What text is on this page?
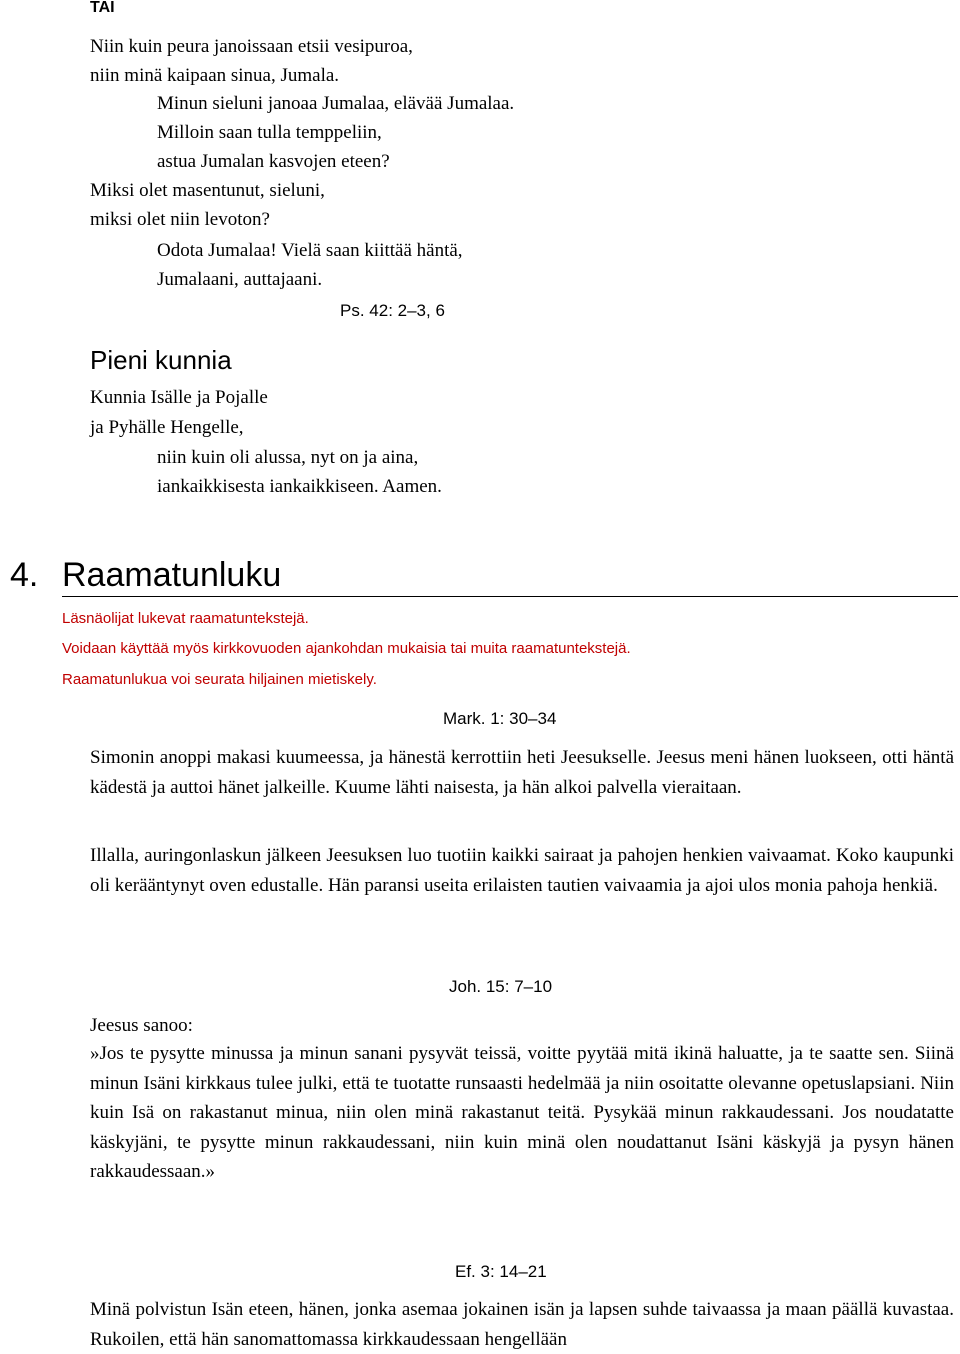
TAI
Niin kuin peura janoissaan etsii vesipuroa,
niin minä kaipaan sinua, Jumala.
Minun sieluni janoaa Jumalaa, elävää Jumalaa.
Milloin saan tulla temppeliin,
astua Jumalan kasvojen eteen?
Miksi olet masentunut, sieluni,
miksi olet niin levoton?
Odota Jumalaa! Vielä saan kiittää häntä,
Jumalaani, auttajaani.
Ps. 42: 2–3, 6
Pieni kunnia
Kunnia Isälle ja Pojalle
ja Pyhälle Hengelle,
niin kuin oli alussa, nyt on ja aina,
iankaikkisesta iankaikkiseen. Aamen.
4. Raamatunluku
Läsnäolijat lukevat raamatuntekstejä.
Voidaan käyttää myös kirkkovuoden ajankohdan mukaisia tai muita raamatuntekstejä.
Raamatunlukua voi seurata hiljainen mietiskely.
Mark. 1: 30–34
Simonin anoppi makasi kuumeessa, ja hänestä kerrottiin heti Jeesukselle. Jeesus meni hänen luokseen, otti häntä kädestä ja auttoi hänet jalkeille. Kuume lähti naisesta, ja hän alkoi palvella vieraitaan.
Illalla, auringonlaskun jälkeen Jeesuksen luo tuotiin kaikki sairaat ja pahojen henkien vaivaamat. Koko kaupunki oli kerääntynyt oven edustalle. Hän paransi useita erilaisten tautien vaivaamia ja ajoi ulos monia pahoja henkiä.
Joh. 15: 7–10
Jeesus sanoo:
»Jos te pysytte minussa ja minun sanani pysyvät teissä, voitte pyytää mitä ikinä haluatte, ja te saatte sen. Siinä minun Isäni kirkkaus tulee julki, että te tuotatte runsaasti hedelmää ja niin osoitatte olevanne opetuslapsiani. Niin kuin Isä on rakastanut minua, niin olen minä rakastanut teitä. Pysykää minun rakkaudessani. Jos noudatatte käskyjäni, te pysytte minun rakkaudessani, niin kuin minä olen noudattanut Isäni käskyjä ja pysyn hänen rakkaudessaan.»
Ef. 3: 14–21
Minä polvistun Isän eteen, hänen, jonka asemaa jokainen isän ja lapsen suhde taivaassa ja maan päällä kuvastaa. Rukoilen, että hän sanomattomassa kirkkaudessaan hengellään
